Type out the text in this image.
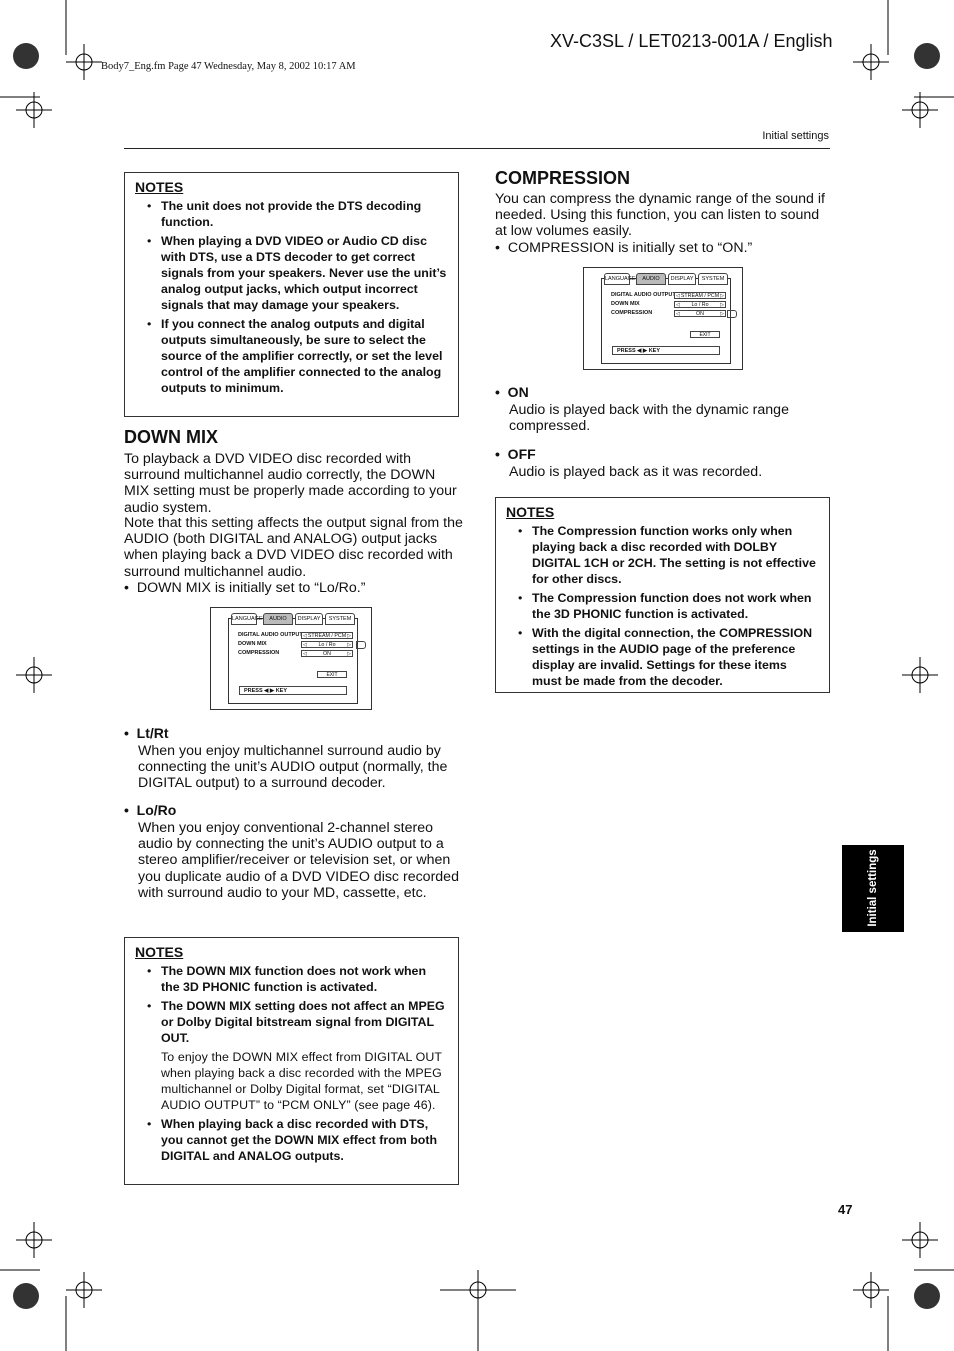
XV-C3SL / LET0213-001A / English
Body7_Eng.fm Page 47 Wednesday, May 8, 2002 10:17 AM
Initial settings
NOTES
• The unit does not provide the DTS decoding function.
• When playing a DVD VIDEO or Audio CD disc with DTS, use a DTS decoder to get correct signals from your speakers. Never use the unit’s analog output jacks, which output incorrect signals that may damage your speakers.
• If you connect the analog outputs and digital outputs simultaneously, be sure to select the source of the amplifier correctly, or set the level control of the amplifier connected to the analog outputs to minimum.
DOWN MIX
To playback a DVD VIDEO disc recorded with surround multichannel audio correctly, the DOWN MIX setting must be properly made according to your audio system.
Note that this setting affects the output signal from the AUDIO (both DIGITAL and ANALOG) output jacks when playing back a DVD VIDEO disc recorded with surround multichannel audio.
•  DOWN MIX is initially set to “Lo/Ro.”
LANGUAGE	AUDIO	DISPLAY	SYSTEM
DIGITAL AUDIO OUTPUT ◁ STREAM / PCM ▷
DOWN MIX	◁ Lo / Ro ▷
COMPRESSION	◁ ON ▷
EXIT
PRESS ◀ ▶ KEY
•  Lt/Rt
When you enjoy multichannel surround audio by connecting the unit’s AUDIO output (normally, the DIGITAL output) to a surround decoder.
•  Lo/Ro
When you enjoy conventional 2-channel stereo audio by connecting the unit’s AUDIO output to a stereo amplifier/receiver or television set, or when you duplicate audio of a DVD VIDEO disc recorded with surround audio to your MD, cassette, etc.
NOTES
• The DOWN MIX function does not work when the 3D PHONIC function is activated.
• The DOWN MIX setting does not affect an MPEG or Dolby Digital bitstream signal from DIGITAL OUT.
To enjoy the DOWN MIX effect from DIGITAL OUT when playing back a disc recorded with the MPEG multichannel or Dolby Digital format, set “DIGITAL AUDIO OUTPUT” to “PCM ONLY” (see page 46).
• When playing back a disc recorded with DTS, you cannot get the DOWN MIX effect from both DIGITAL and ANALOG outputs.
COMPRESSION
You can compress the dynamic range of the sound if needed. Using this function, you can listen to sound at low volumes easily.
•  COMPRESSION is initially set to “ON.”
LANGUAGE	AUDIO	DISPLAY	SYSTEM
DIGITAL AUDIO OUTPUT ◁ STREAM / PCM ▷
DOWN MIX	◁ Lo / Ro ▷
COMPRESSION	◁ ON ▷
EXIT
PRESS ◀ ▶ KEY
•  ON
Audio is played back with the dynamic range compressed.
•  OFF
Audio is played back as it was recorded.
NOTES
• The Compression function works only when playing back a disc recorded with DOLBY DIGITAL 1CH or 2CH. The setting is not effective for other discs.
• The Compression function does not work when the 3D PHONIC function is activated.
• With the digital connection, the COMPRESSION settings in the AUDIO page of the preference display are invalid. Settings for these items must be made from the decoder.
Initial settings
47
